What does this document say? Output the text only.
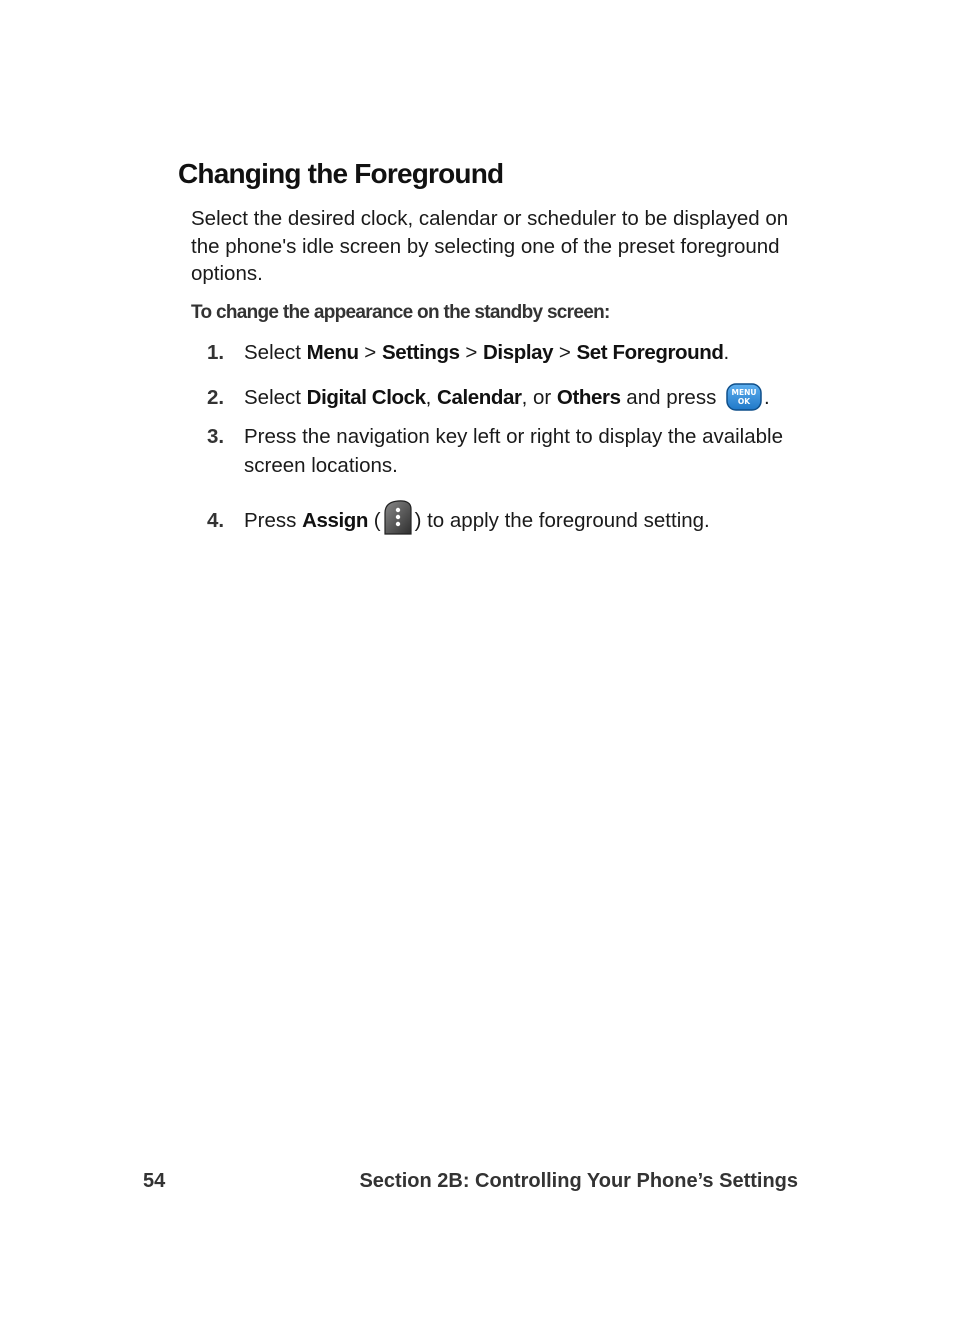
Changing the Foreground

Select the desired clock, calendar or scheduler to be displayed on the phone's idle screen by selecting one of the preset foreground options.

To change the appearance on the standby screen:

1. Select Menu > Settings > Display > Set Foreground.
2. Select Digital Clock, Calendar, or Others and press MENU
OK .
3. Press the navigation key left or right to display the available screen locations.
4. Press Assign ( ) to apply the foreground setting.
54	Section 2B: Controlling Your Phone’s Settings
